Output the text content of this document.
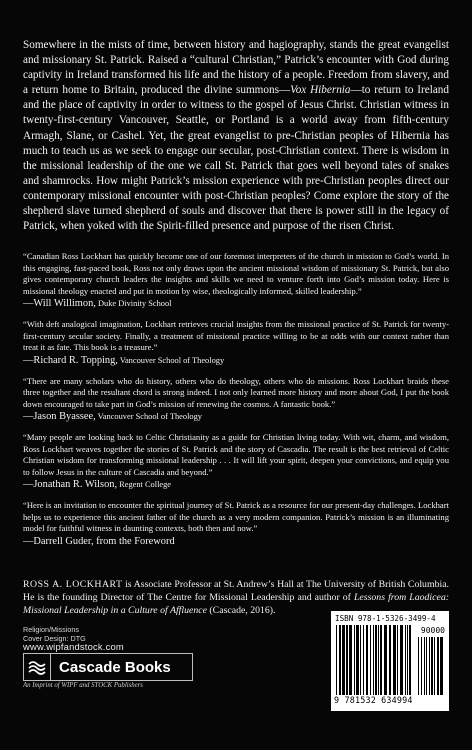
Somewhere in the mists of time, between history and hagiography, stands the great evangelist and missionary St. Patrick. Raised a “cultural Christian,” Patrick’s encounter with God during captivity in Ireland transformed his life and the history of a people. Freedom from slavery, and a return home to Britain, produced the divine summons—Vox Hibernia—to return to Ireland and the place of captivity in order to witness to the gospel of Jesus Christ. Christian witness in twenty-first-century Vancouver, Seattle, or Portland is a world away from fifth-century Armagh, Slane, or Cashel. Yet, the great evangelist to pre-Christian peoples of Hibernia has much to teach us as we seek to engage our secular, post-Christian context. There is wisdom in the missional leadership of the one we call St. Patrick that goes well beyond tales of snakes and shamrocks. How might Patrick’s mission experience with pre-Christian peoples direct our contemporary missional encounter with post-Christian peoples? Come explore the story of the shepherd slave turned shepherd of souls and discover that there is power still in the legacy of Patrick, when yoked with the Spirit-filled presence and purpose of the risen Christ.

“Canadian Ross Lockhart has quickly become one of our foremost interpreters of the church in mission to God’s world. In this engaging, fast-paced book, Ross not only draws upon the ancient missional wisdom of missionary St. Patrick, but also gives contemporary church leaders the insights and skills we need to venture forth into God’s mission today. Here is missional theology enacted and put in motion by wise, theologically informed, skilled leadership.”

—Will Willimon, Duke Divinity School

“With deft analogical imagination, Lockhart retrieves crucial insights from the missional practice of St. Patrick for twenty-first-century secular society. Finally, a treatment of missional practice willing to be at odds with our context rather than treat it as fate. This book is a treasure.”

—Richard R. Topping, Vancouver School of Theology

“There are many scholars who do history, others who do theology, others who do missions. Ross Lockhart braids these three together and the resultant chord is strong indeed. I not only learned more history and more about God, I put the book down encouraged to take part in God’s mission of renewing the cosmos. A fantastic book.”

—Jason Byassee, Vancouver School of Theology

“Many people are looking back to Celtic Christianity as a guide for Christian living today. With wit, charm, and wisdom, Ross Lockhart weaves together the stories of St. Patrick and the story of Cascadia. The result is the best retrieval of Celtic Christian wisdom for transforming missional leadership . . . It will lift your spirit, deepen your convictions, and equip you to follow Jesus in the culture of Cascadia and beyond.”

—Jonathan R. Wilson, Regent College

“Here is an invitation to encounter the spiritual journey of St. Patrick as a resource for our present-day challenges. Lockhart helps us to experience this ancient father of the church as a very modern companion. Patrick’s mission is an illuminating model for faithful witness in daunting contexts, both then and now.”

—Darrell Guder, from the Foreword

ROSS A. LOCKHART is Associate Professor at St. Andrew’s Hall at The University of British Columbia. He is the founding Director of The Centre for Missional Leadership and author of Lessons from Laodicea: Missional Leadership in a Culture of Affluence (Cascade, 2016).

Religion/Missions
Cover Design: DTG
www.wipfandstock.com
Cascade Books
An Imprint of WIPF and STOCK Publishers
ISBN 978-1-5326-3499-4
90000
9 781532 634994
